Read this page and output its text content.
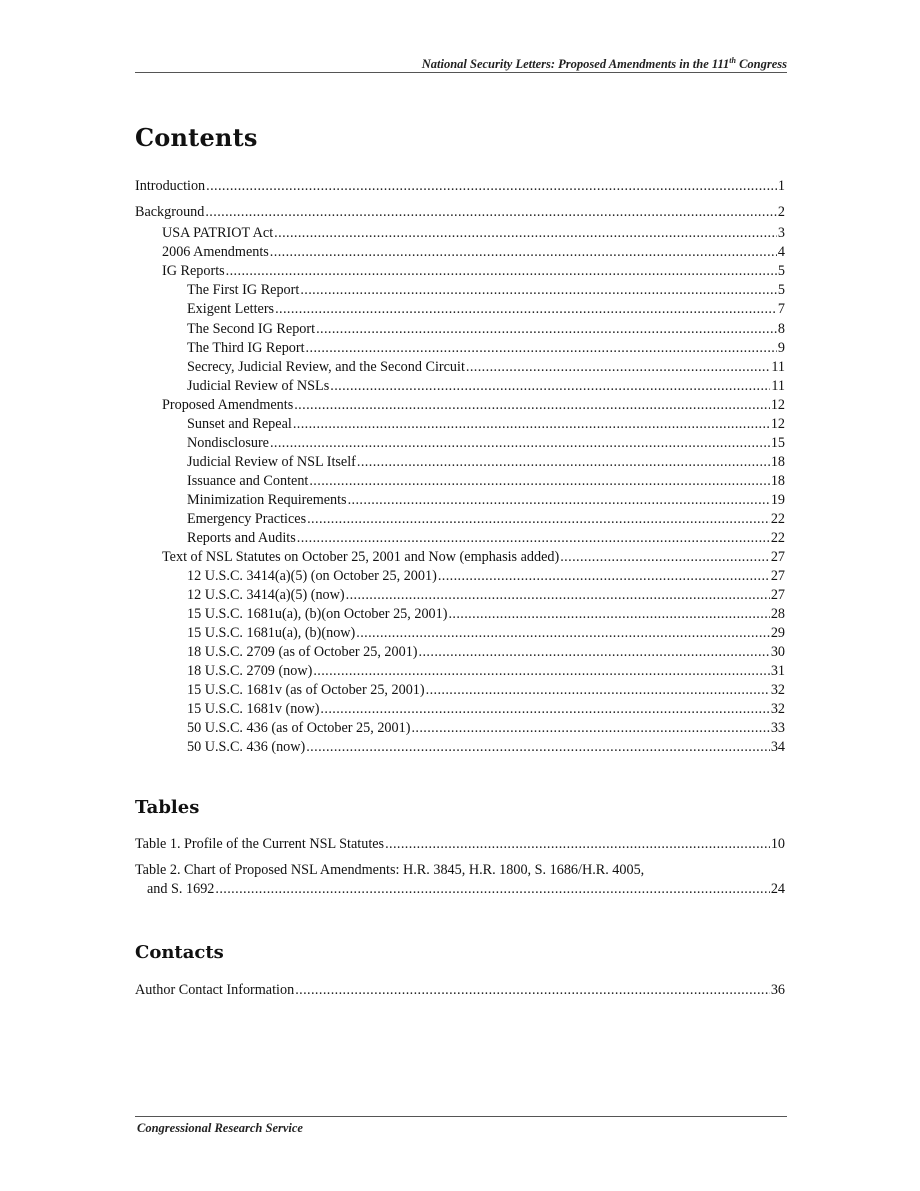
National Security Letters: Proposed Amendments in the 111th Congress
Contents
Introduction .....	1
Background .....	2
USA PATRIOT Act .....	3
2006 Amendments .....	4
IG Reports .....	5
The First IG Report .....	5
Exigent Letters .....	7
The Second IG Report .....	8
The Third IG Report .....	9
Secrecy, Judicial Review, and the Second Circuit .....	11
Judicial Review of NSLs .....	11
Proposed Amendments .....	12
Sunset and Repeal .....	12
Nondisclosure .....	15
Judicial Review of NSL Itself .....	18
Issuance and Content .....	18
Minimization Requirements .....	19
Emergency Practices .....	22
Reports and Audits .....	22
Text of NSL Statutes on October 25, 2001 and Now (emphasis added) .....	27
12 U.S.C. 3414(a)(5) (on October 25, 2001) .....	27
12 U.S.C. 3414(a)(5) (now) .....	27
15 U.S.C. 1681u(a), (b)(on October 25, 2001) .....	28
15 U.S.C. 1681u(a), (b)(now) .....	29
18 U.S.C. 2709 (as of October 25, 2001) .....	30
18 U.S.C. 2709 (now) .....	31
15 U.S.C. 1681v (as of October 25, 2001) .....	32
15 U.S.C. 1681v (now) .....	32
50 U.S.C. 436 (as of October 25, 2001) .....	33
50 U.S.C. 436 (now) .....	34
Tables
Table 1. Profile of the Current NSL Statutes .....	10
Table 2. Chart of Proposed NSL Amendments: H.R. 3845, H.R. 1800, S. 1686/H.R. 4005,
and S. 1692 .....	24
Contacts
Author Contact Information .....	36
Congressional Research Service
